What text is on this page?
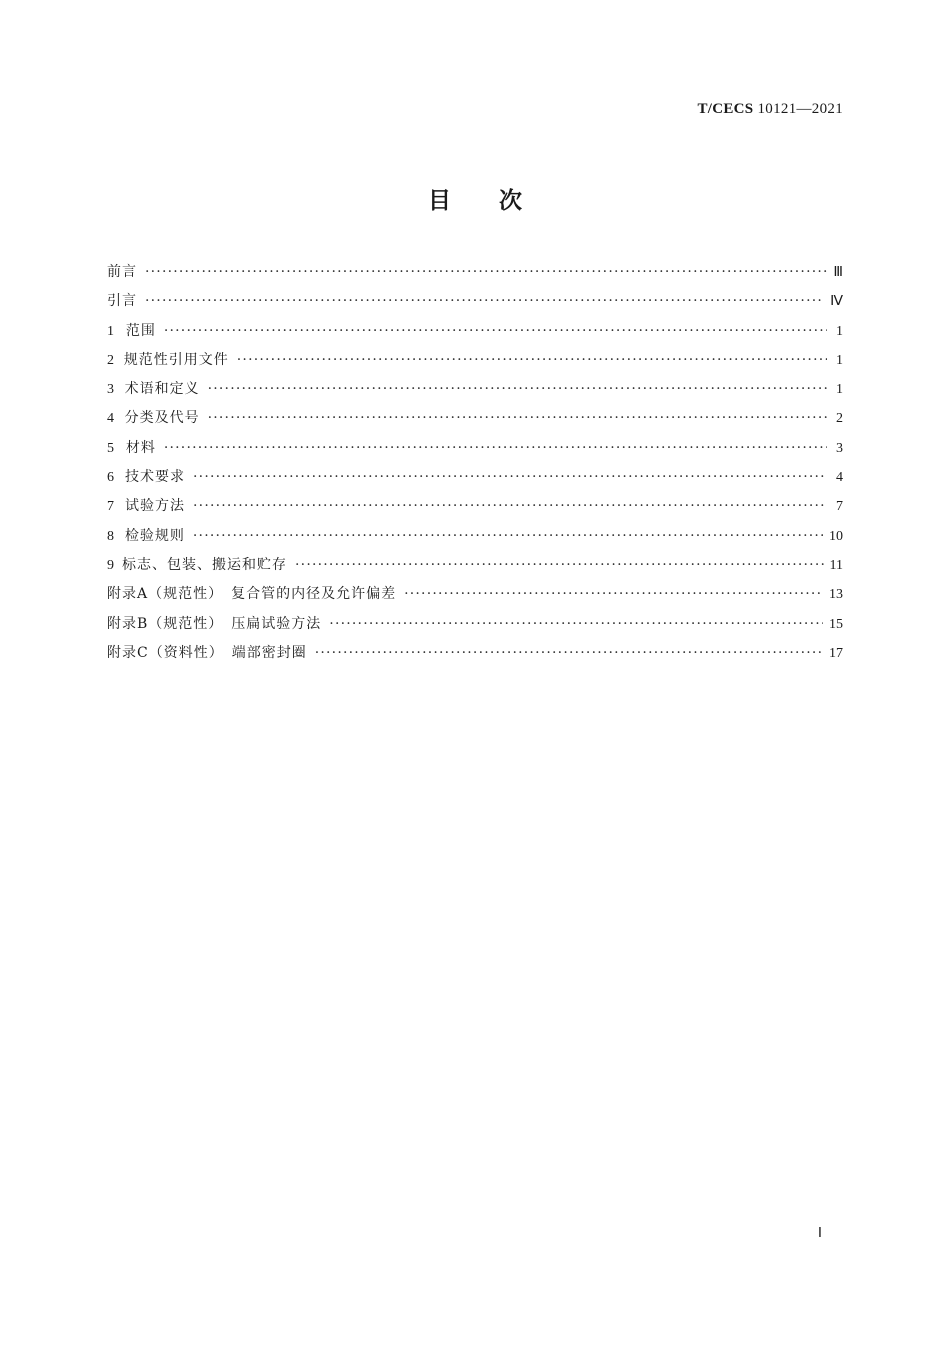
T/CECS 10121—2021
目次
前言 ·····	Ⅲ
引言 ·····	Ⅳ
1 范围 ·····	1
2 规范性引用文件 ·····	1
3 术语和定义 ·····	1
4 分类及代号 ·····	2
5 材料 ·····	3
6 技术要求 ·····	4
7 试验方法 ·····	7
8 检验规则 ·····	10
9 标志、包装、搬运和贮存 ·····	11
附录A（规范性）　复合管的内径及允许偏差 ·····	13
附录B（规范性）　压扁试验方法 ·····	15
附录C（资料性）　端部密封圈 ·····	17
Ⅰ
